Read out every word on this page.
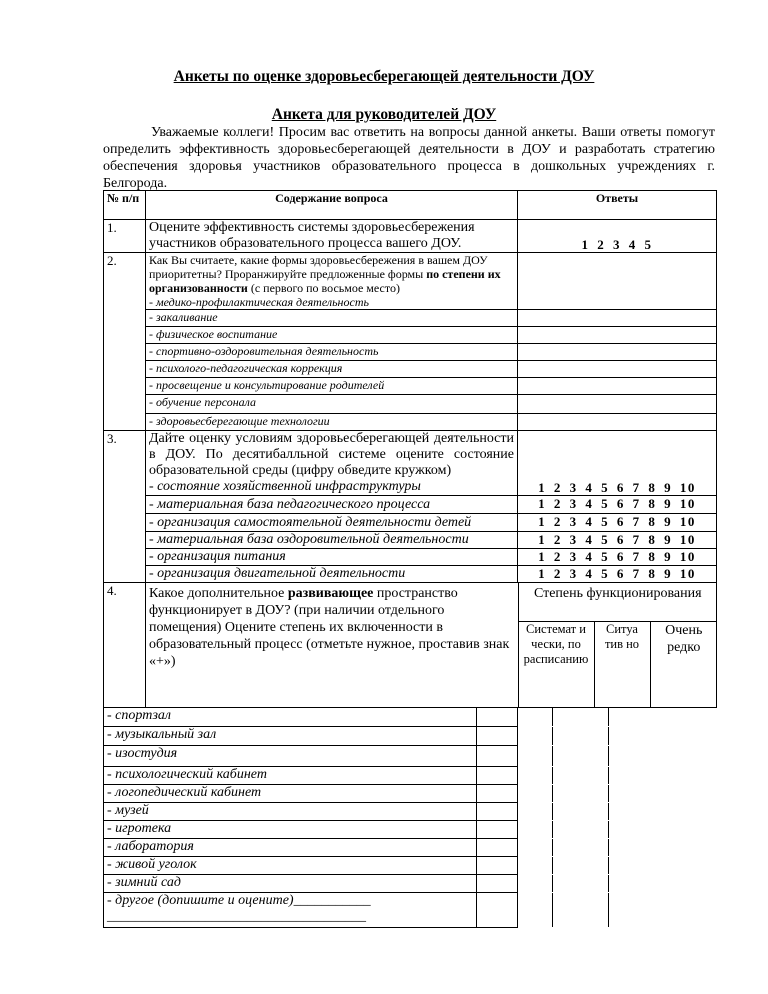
Анкеты по оценке здоровьесберегающей деятельности ДОУ
Анкета для руководителей ДОУ
Уважаемые коллеги! Просим вас ответить на вопросы данной анкеты. Ваши ответы помогут определить эффективность здоровьесберегающей деятельности в ДОУ и разработать стратегию обеспечения здоровья участников образовательного процесса в дошкольных учреждениях г. Белгорода.
№ п/п	Содержание вопроса	Ответы
1.	Оцените эффективность системы здоровьесбережения участников образовательного процесса вашего ДОУ.	1 2 3 4 5
2.	Как Вы считаете, какие формы здоровьесбережения в вашем ДОУ приоритетны? Проранжируйте предложенные формы по степени их организованности (с первого по восьмое место)
- медико-профилактическая деятельность	
- закаливание	
- физическое воспитание	
- спортивно-оздоровительная деятельность	
- психолого-педагогическая коррекция	
- просвещение и консультирование родителей	
- обучение персонала	
- здоровьесберегающие технологии	
3.	Дайте оценку условиям здоровьесберегающей деятельности в ДОУ. По десятибалльной системе оцените состояние образовательной среды (цифру обведите кружком)
- состояние хозяйственной инфраструктуры	1 2 3 4 5 6 7 8 9 10
- материальная база педагогического процесса	1 2 3 4 5 6 7 8 9 10
- организация самостоятельной деятельности детей	1 2 3 4 5 6 7 8 9 10
- материальная база оздоровительной деятельности	1 2 3 4 5 6 7 8 9 10
- организация питания	1 2 3 4 5 6 7 8 9 10
- организация двигательной деятельности	1 2 3 4 5 6 7 8 9 10
4.	Какое дополнительное развивающее пространство функционирует в ДОУ? (при наличии отдельного помещения) Оцените степень их включенности в образовательный процесс (отметьте нужное, проставив знак «+»)	Степень функционирования
Системат и чески, по расписанию	Ситуа тив но	Очень редко

- спортзал			

- музыкальный зал			

- изостудия			

- психологический кабинет			

- логопедический кабинет			

- музей			

- игротека			

- лаборатория			

- живой уголок			

- зимний сад			

- другое (допишите и оцените)___________
_____________________________________
